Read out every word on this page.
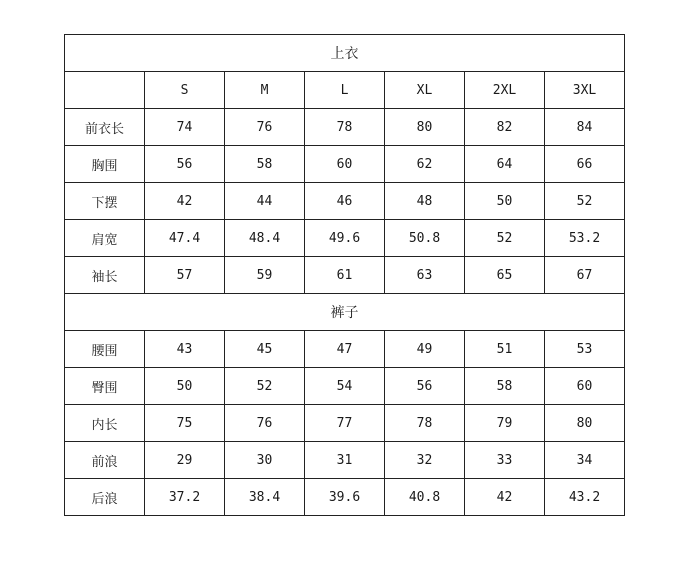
上衣						
	S	M	L	XL	2XL	3XL
前衣长	74	76	78	80	82	84
胸围	56	58	60	62	64	66
下摆	42	44	46	48	50	52
肩宽	47.4	48.4	49.6	50.8	52	53.2
袖长	57	59	61	63	65	67
裤子						
腰围	43	45	47	49	51	53
臀围	50	52	54	56	58	60
内长	75	76	77	78	79	80
前浪	29	30	31	32	33	34
后浪	37.2	38.4	39.6	40.8	42	43.2
